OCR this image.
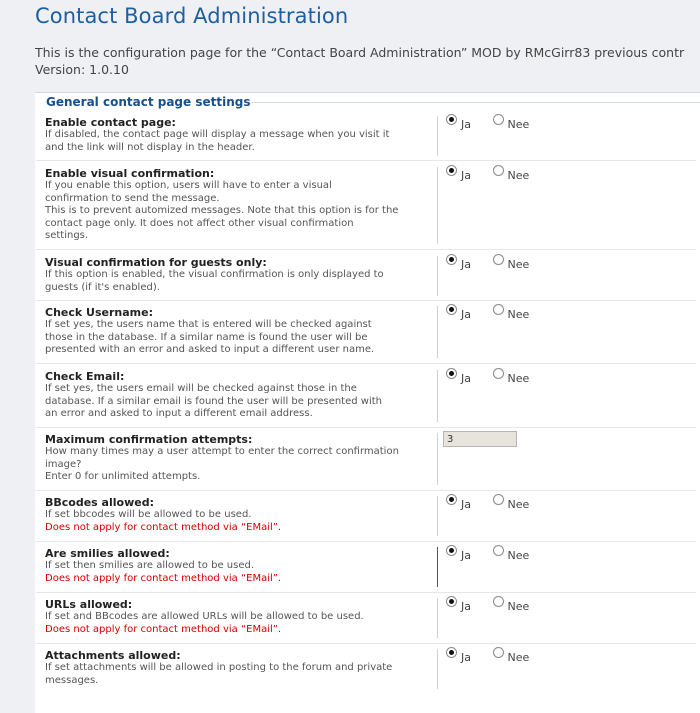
Contact Board Administration
This is the configuration page for the “Contact Board Administration” MOD by RMcGirr83 previous contr
Version: 1.0.10
General contact page settings
Enable contact page:
If disabled, the contact page will display a message when you visit it
and the link will not display in the header.
Ja	Nee
Enable visual confirmation:
If you enable this option, users will have to enter a visual
confirmation to send the message.
This is to prevent automized messages. Note that this option is for the
contact page only. It does not affect other visual confirmation
settings.
Ja	Nee
Visual confirmation for guests only:
If this option is enabled, the visual confirmation is only displayed to
guests (if it's enabled).
Ja	Nee
Check Username:
If set yes, the users name that is entered will be checked against
those in the database. If a similar name is found the user will be
presented with an error and asked to input a different user name.
Ja	Nee
Check Email:
If set yes, the users email will be checked against those in the
database. If a similar email is found the user will be presented with
an error and asked to input a different email address.
Ja	Nee
Maximum confirmation attempts:
How many times may a user attempt to enter the correct confirmation
image?
Enter 0 for unlimited attempts.
3
BBcodes allowed:
If set bbcodes will be allowed to be used.
Does not apply for contact method via “EMail”.
Ja	Nee
Are smilies allowed:
If set then smilies are allowed to be used.
Does not apply for contact method via “EMail”.
Ja	Nee
URLs allowed:
If set and BBcodes are allowed URLs will be allowed to be used.
Does not apply for contact method via “EMail”.
Ja	Nee
Attachments allowed:
If set attachments will be allowed in posting to the forum and private
messages.
Ja	Nee
